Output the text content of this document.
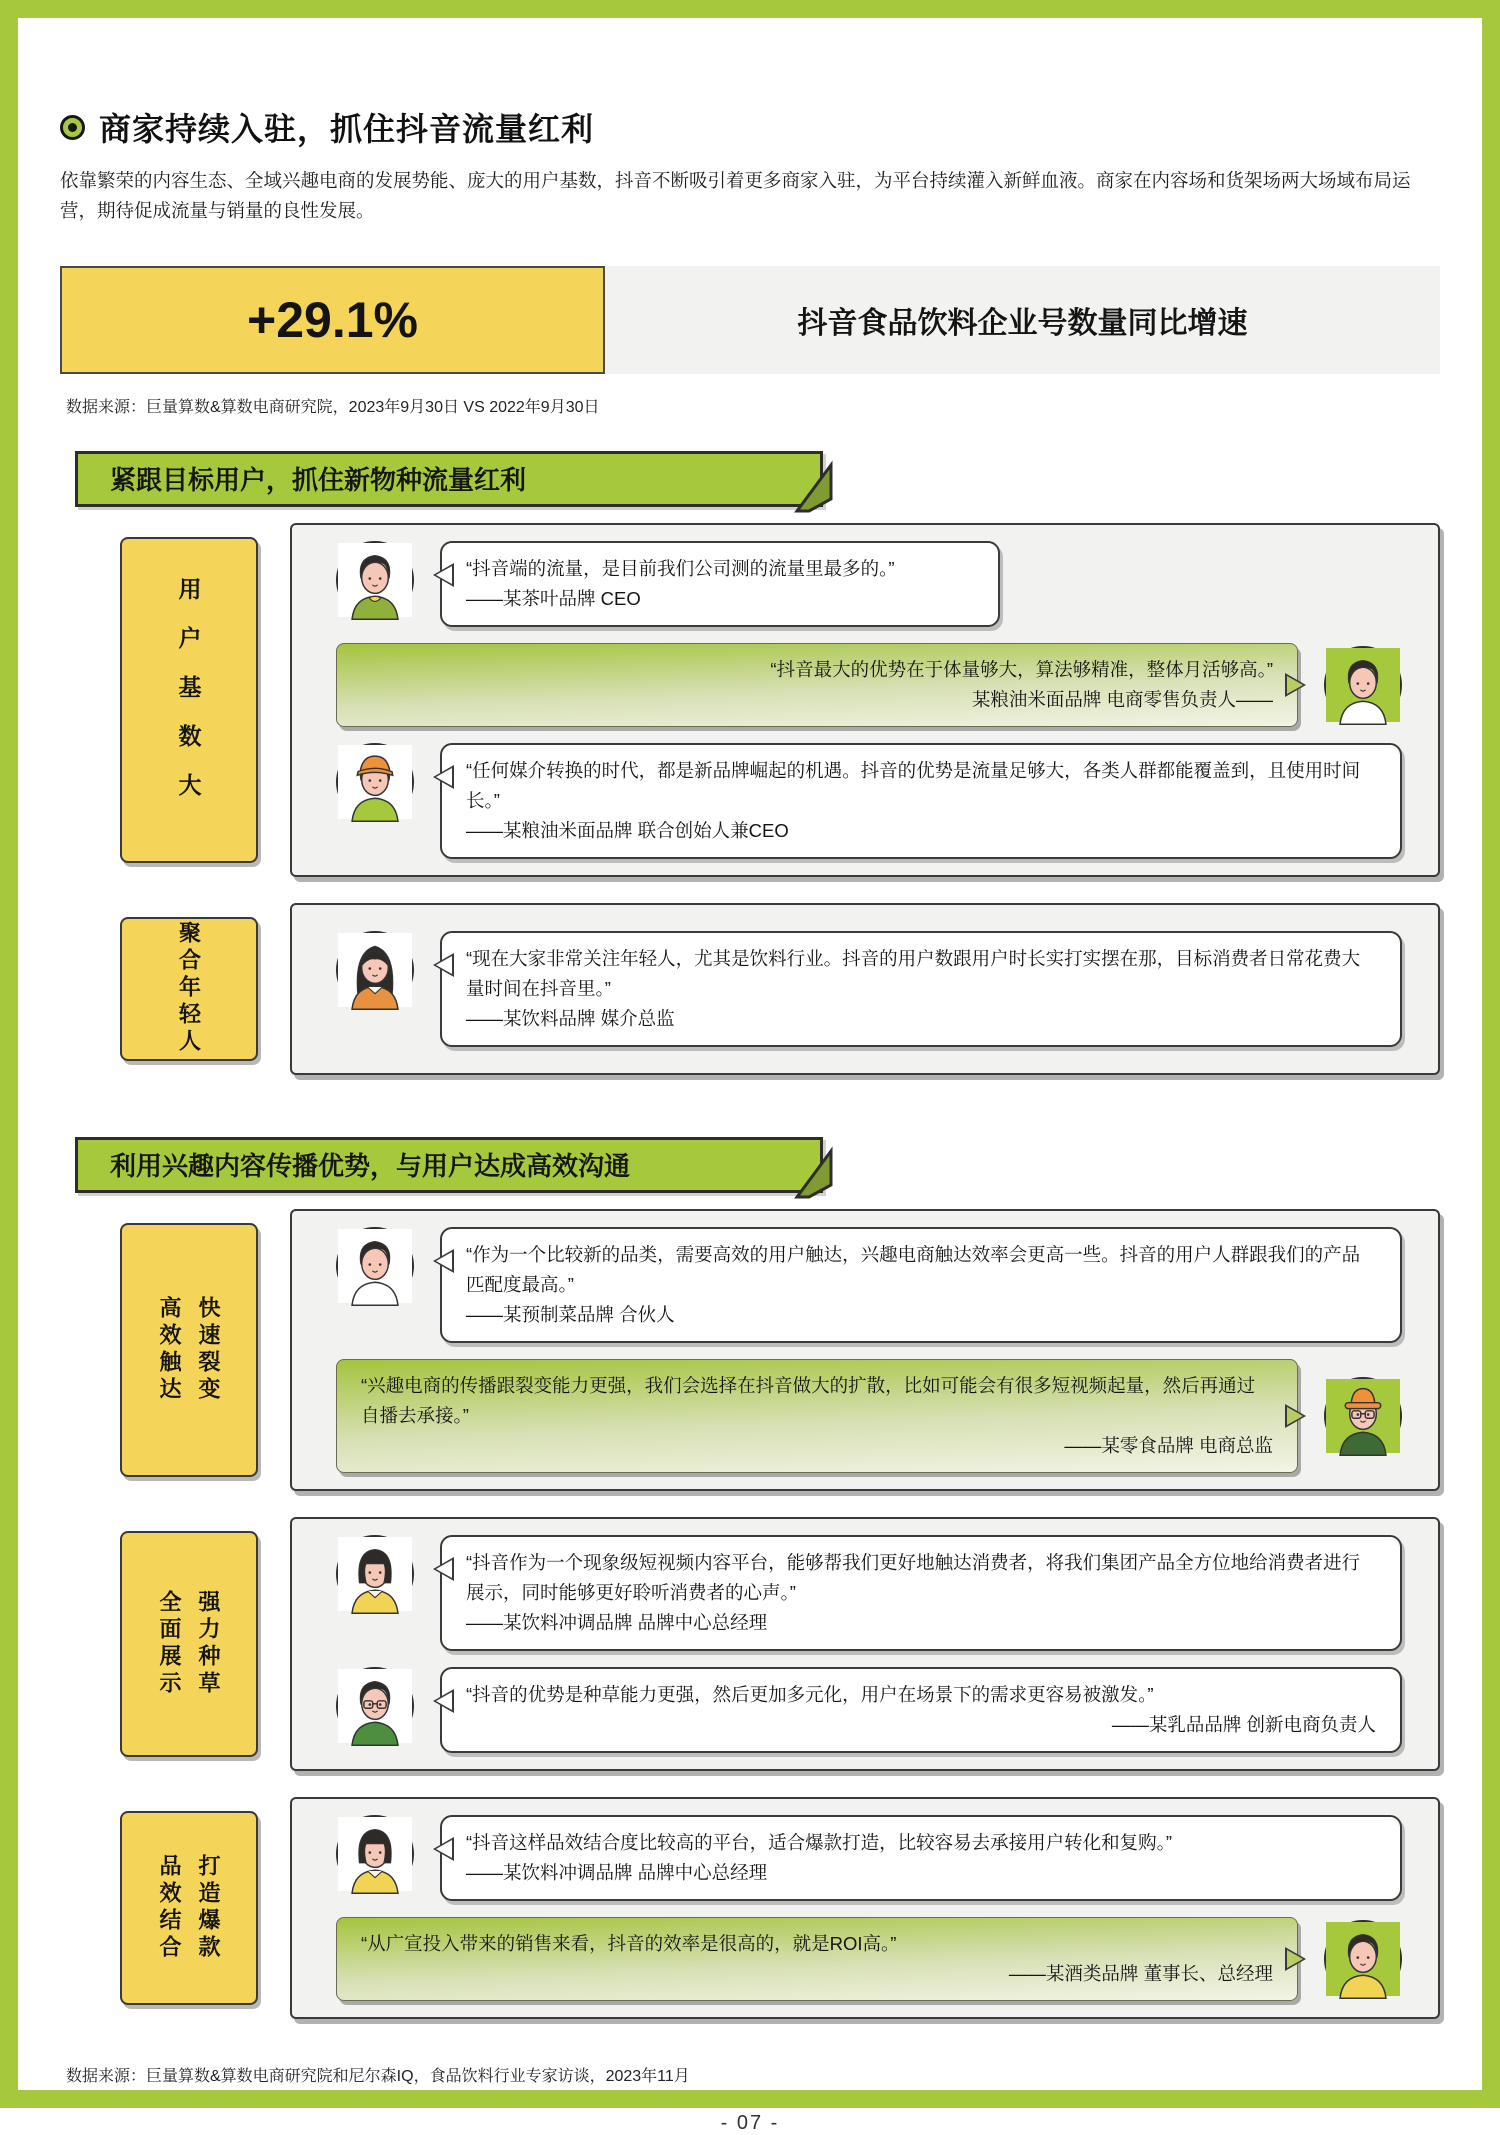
商家持续入驻，抓住抖音流量红利

依靠繁荣的内容生态、全域兴趣电商的发展势能、庞大的用户基数，抖音不断吸引着更多商家入驻，为平台持续灌入新鲜血液。商家在内容场和货架场两大场域布局运营，期待促成流量与销量的良性发展。

+29.1%	抖音食品饮料企业号数量同比增速

数据来源：巨量算数&算数电商研究院，2023年9月30日 VS 2022年9月30日

紧跟目标用户，抓住新物种流量红利
用户基数大
“抖音端的流量，是目前我们公司测的流量里最多的。”
——某茶叶品牌 CEO
“抖音最大的优势在于体量够大，算法够精准，整体月活够高。”
某粮油米面品牌 电商零售负责人——
“任何媒介转换的时代，都是新品牌崛起的机遇。抖音的优势是流量足够大，各类人群都能覆盖到，且使用时间长。”
——某粮油米面品牌 联合创始人兼CEO
聚合年轻人	“现在大家非常关注年轻人，尤其是饮料行业。抖音的用户数跟用户时长实打实摆在那，目标消费者日常花费大量时间在抖音里。”
——某饮料品牌 媒介总监
利用兴趣内容传播优势，与用户达成高效沟通
高效触达 快速裂变
“作为一个比较新的品类，需要高效的用户触达，兴趣电商触达效率会更高一些。抖音的用户人群跟我们的产品匹配度最高。”
——某预制菜品牌 合伙人
“兴趣电商的传播跟裂变能力更强，我们会选择在抖音做大的扩散，比如可能会有很多短视频起量，然后再通过自播去承接。”
——某零食品牌 电商总监
全面展示 强力种草
“抖音作为一个现象级短视频内容平台，能够帮我们更好地触达消费者，将我们集团产品全方位地给消费者进行展示，同时能够更好聆听消费者的心声。”
——某饮料冲调品牌 品牌中心总经理
“抖音的优势是种草能力更强，然后更加多元化，用户在场景下的需求更容易被激发。”
——某乳品品牌 创新电商负责人
品效结合 打造爆款
“抖音这样品效结合度比较高的平台，适合爆款打造，比较容易去承接用户转化和复购。”
——某饮料冲调品牌 品牌中心总经理
“从广宣投入带来的销售来看，抖音的效率是很高的，就是ROI高。”
——某酒类品牌 董事长、总经理

数据来源：巨量算数&算数电商研究院和尼尔森IQ，食品饮料行业专家访谈，2023年11月

- 07 -
